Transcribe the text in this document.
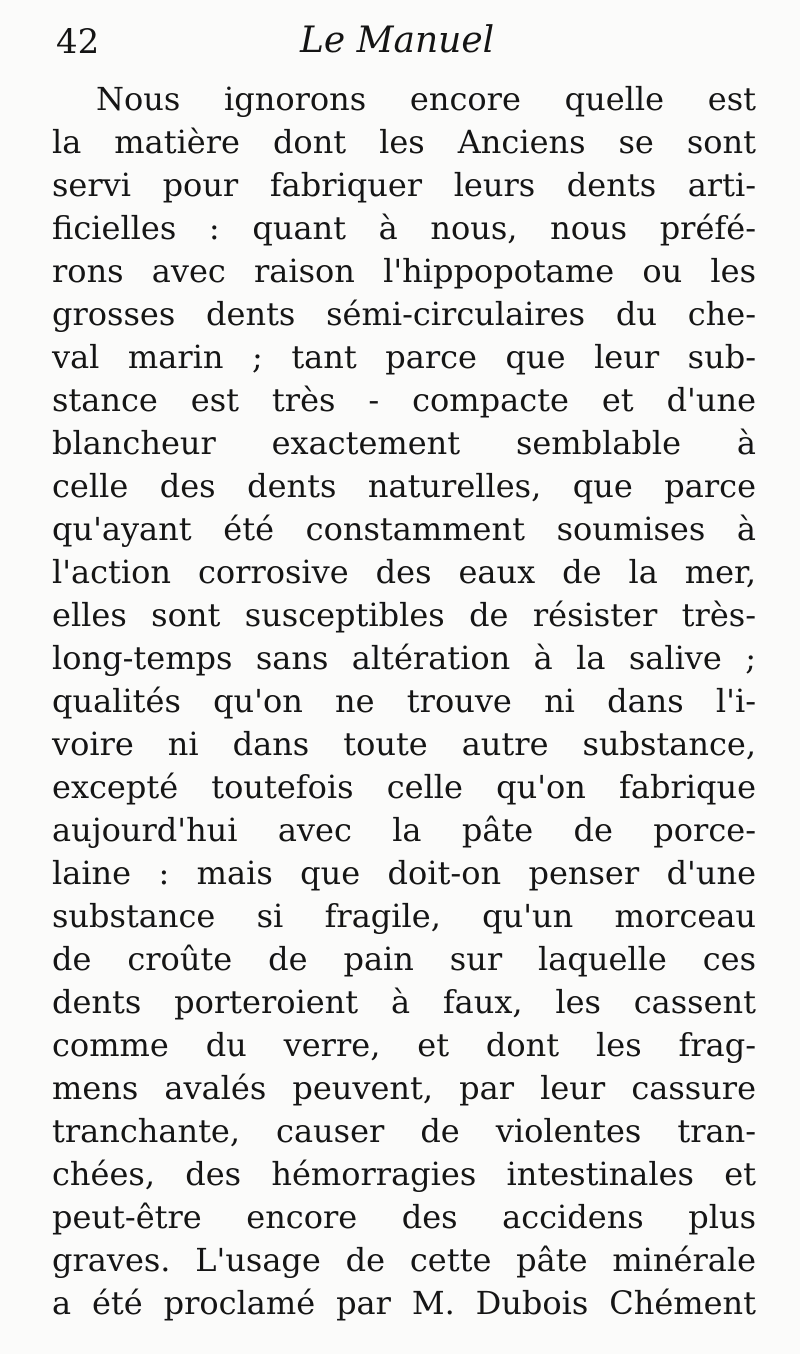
42	Le Manuel
Nous ignorons encore quelle est
la matière dont les Anciens se sont
servi pour fabriquer leurs dents arti-
ficielles : quant à nous, nous préfé-
rons avec raison l'hippopotame ou les
grosses dents sémi-circulaires du che-
val marin ; tant parce que leur sub-
stance est très - compacte et d'une
blancheur exactement semblable à
celle des dents naturelles, que parce
qu'ayant été constamment soumises à
l'action corrosive des eaux de la mer,
elles sont susceptibles de résister très-
long-temps sans altération à la salive ;
qualités qu'on ne trouve ni dans l'i-
voire ni dans toute autre substance,
excepté toutefois celle qu'on fabrique
aujourd'hui avec la pâte de porce-
laine : mais que doit-on penser d'une
substance si fragile, qu'un morceau
de croûte de pain sur laquelle ces
dents porteroient à faux, les cassent
comme du verre, et dont les frag-
mens avalés peuvent, par leur cassure
tranchante, causer de violentes tran-
chées, des hémorragies intestinales et
peut-être encore des accidens plus
graves. L'usage de cette pâte minérale
a été proclamé par M. Dubois Chément
